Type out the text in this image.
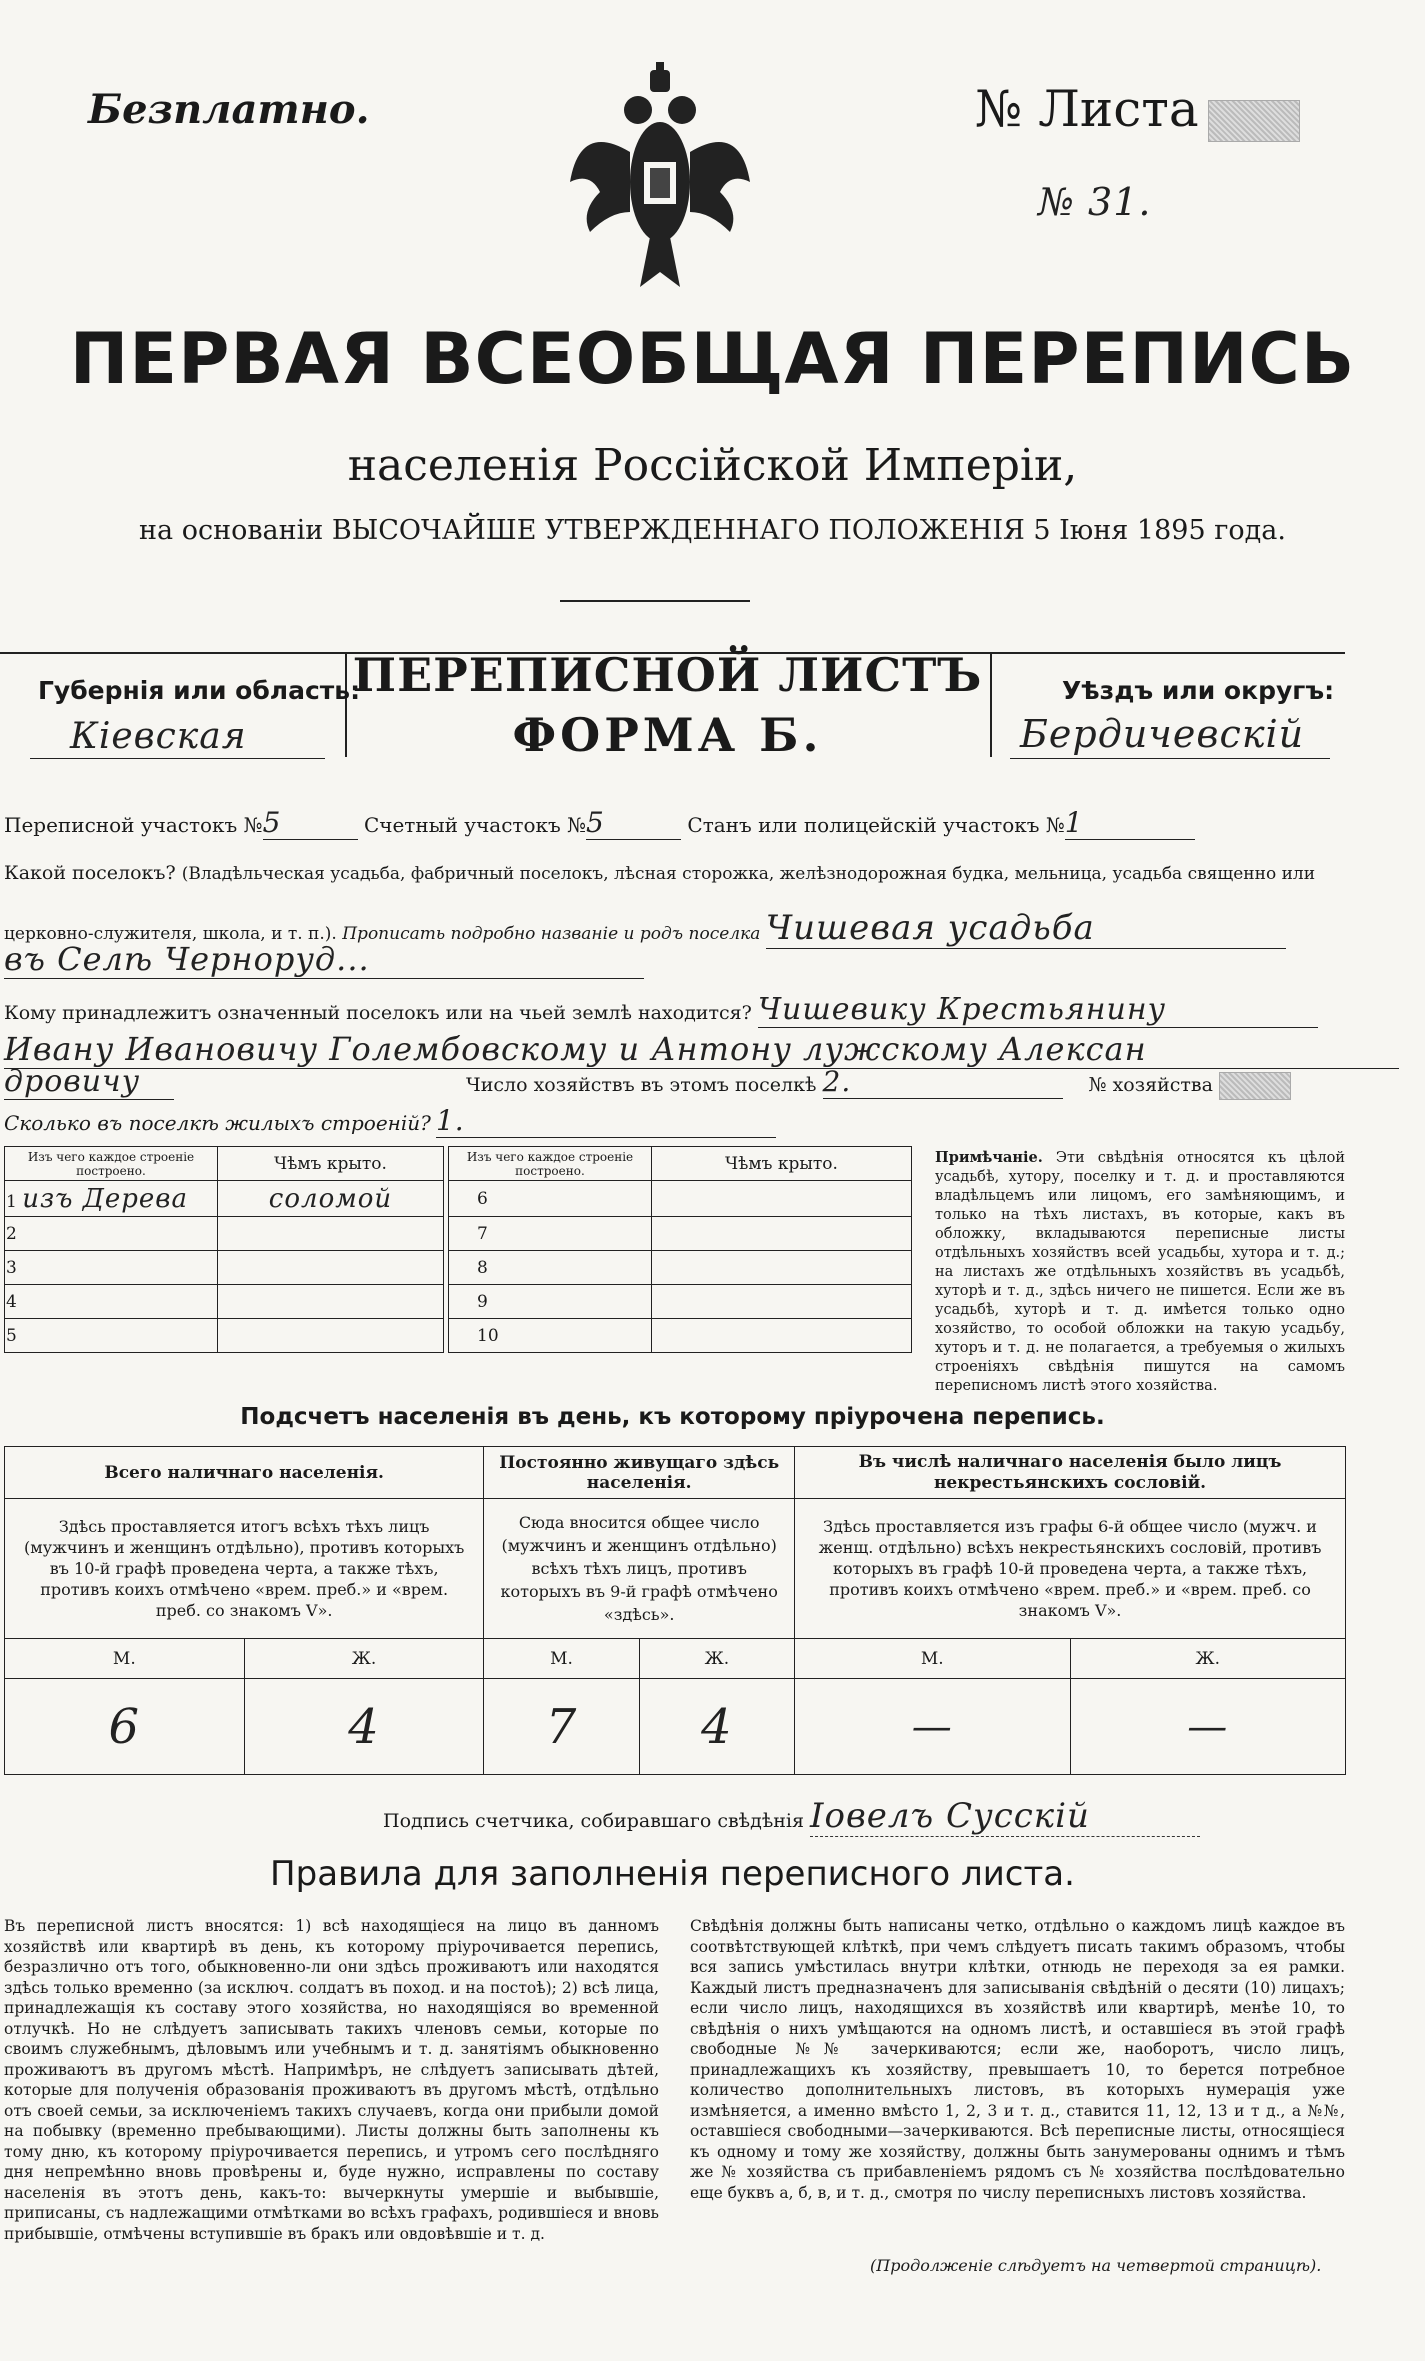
Безплатно.	№ Листа
№ 31.
ПЕРВАЯ ВСЕОБЩАЯ ПЕРЕПИСЬ
населенія Россійской Имперіи,
на основаніи ВЫСОЧАЙШЕ УТВЕРЖДЕННАГО ПОЛОЖЕНІЯ 5 Іюня 1895 года.
Губернія или область:
Кіевская
ПЕРЕПИСНОЙ ЛИСТЪ
ФОРМА Б.
Уѣздъ или округъ:
Бердичевскій
Переписной участокъ №5	Счетный участокъ №5	Станъ или полицейскій участокъ №1
Какой поселокъ? (Владѣльческая усадьба, фабричный поселокъ, лѣсная сторожка, желѣзнодорожная будка, мельница, усадьба священно или
церковно-служителя, школа, и т. п.). Прописать подробно названіе и родъ поселка Чишевая усадьба
въ Селѣ Черноруд...
Кому принадлежитъ означенный поселокъ или на чьей землѣ находится? Чишевику Крестьянину
Ивану Ивановичу Голембовскому и Антону лужскому Алексан
дровичу	Число хозяйствъ въ этомъ поселкѣ 2.	№ хозяйства
Сколько въ поселкѣ жилыхъ строеній? 1.
Изъ чего каждое строеніе построено.	Чѣмъ крыто.
1 изъ Дерева	соломой
2	
3	
4	
5	
Изъ чего каждое строеніе построено.	Чѣмъ крыто.
6	
7	
8	
9	
10	
Примѣчаніе. Эти свѣдѣнія относятся къ цѣлой усадьбѣ, хутору, поселку и т. д. и проставляются владѣльцемъ или лицомъ, его замѣняющимъ, и только на тѣхъ листахъ, въ которые, какъ въ обложку, вкладываются переписные листы отдѣльныхъ хозяйствъ всей усадьбы, хутора и т. д.; на листахъ же отдѣльныхъ хозяйствъ въ усадьбѣ, хуторѣ и т. д., здѣсь ничего не пишется. Если же въ усадьбѣ, хуторѣ и т. д. имѣется только одно хозяйство, то особой обложки на такую усадьбу, хуторъ и т. д. не полагается, а требуемыя о жилыхъ строеніяхъ свѣдѣнія пишутся на самомъ переписномъ листѣ этого хозяйства.
Подсчетъ населенія въ день, къ которому пріурочена перепись.
Всего наличнаго населенія.		Постоянно живущаго здѣсь населенія.		Въ числѣ наличнаго населенія было лицъ некрестьянскихъ сословій.	
Здѣсь проставляется итогъ всѣхъ тѣхъ лицъ (мужчинъ и женщинъ отдѣльно), противъ которыхъ въ 10-й графѣ проведена черта, а также тѣхъ, противъ коихъ отмѣчено «врем. преб.» и «врем. преб. со знакомъ V».		Сюда вносится общее число (мужчинъ и женщинъ отдѣльно) всѣхъ тѣхъ лицъ, противъ которыхъ въ 9-й графѣ отмѣчено «здѣсь».		Здѣсь проставляется изъ графы 6-й общее число (мужч. и женщ. отдѣльно) всѣхъ некрестьянскихъ сословій, противъ которыхъ въ графѣ 10-й проведена черта, а также тѣхъ, противъ коихъ отмѣчено «врем. преб.» и «врем. преб. со знакомъ V».	
М.	Ж.	М.	Ж.	М.	Ж.
6	4	7	4	—	—
Подпись счетчика, собиравшаго свѣдѣнія Іовелъ Сусскій
Правила для заполненія переписного листа.
Въ переписной листъ вносятся: 1) всѣ находящіеся на лицо въ данномъ хозяйствѣ или квартирѣ въ день, къ которому пріурочивается перепись, безразлично отъ того, обыкновенно-ли они здѣсь проживаютъ или находятся здѣсь только временно (за исключ. солдатъ въ поход. и на постоѣ); 2) всѣ лица, принадлежащія къ составу этого хозяйства, но находящіяся во временной отлучкѣ. Но не слѣдуетъ записывать такихъ членовъ семьи, которые по своимъ служебнымъ, дѣловымъ или учебнымъ и т. д. занятіямъ обыкновенно проживаютъ въ другомъ мѣстѣ. Напримѣръ, не слѣдуетъ записывать дѣтей, которые для полученія образованія проживаютъ въ другомъ мѣстѣ, отдѣльно отъ своей семьи, за исключеніемъ такихъ случаевъ, когда они прибыли домой на побывку (временно пребывающими). Листы должны быть заполнены къ тому дню, къ которому пріурочивается перепись, и утромъ сего послѣдняго дня непремѣнно вновь провѣрены и, буде нужно, исправлены по составу населенія въ этотъ день, какъ-то: вычеркнуты умершіе и выбывшіе, приписаны, съ надлежащими отмѣтками во всѣхъ графахъ, родившіеся и вновь прибывшіе, отмѣчены вступившіе въ бракъ или овдовѣвшіе и т. д.
Свѣдѣнія должны быть написаны четко, отдѣльно о каждомъ лицѣ каждое въ соотвѣтствующей клѣткѣ, при чемъ слѣдуетъ писать такимъ образомъ, чтобы вся запись умѣстилась внутри клѣтки, отнюдь не переходя за ея рамки. Каждый листъ предназначенъ для записыванія свѣдѣній о десяти (10) лицахъ; если число лицъ, находящихся въ хозяйствѣ или квартирѣ, менѣе 10, то свѣдѣнія о нихъ умѣщаются на одномъ листѣ, и оставшіеся въ этой графѣ свободные №№ зачеркиваются; если же, наоборотъ, число лицъ, принадлежащихъ къ хозяйству, превышаетъ 10, то берется потребное количество дополнительныхъ листовъ, въ которыхъ нумерація уже измѣняется, а именно вмѣсто 1, 2, 3 и т. д., ставится 11, 12, 13 и т д., а №№, оставшіеся свободными—зачеркиваются. Всѣ переписные листы, относящіеся къ одному и тому же хозяйству, должны быть занумерованы однимъ и тѣмъ же № хозяйства съ прибавленіемъ рядомъ съ № хозяйства послѣдовательно еще буквъ а, б, в, и т. д., смотря по числу переписныхъ листовъ хозяйства.
(Продолженіе слѣдуетъ на четвертой страницѣ).
